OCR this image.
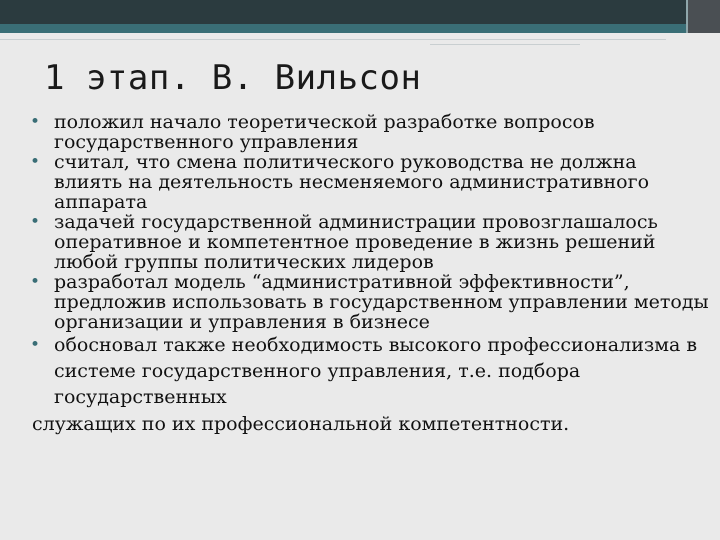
1 этап. В. Вильсон
• положил начало теоретической разработке вопросов государственного управления
• считал, что смена политического руководства не должна влиять на деятельность несменяемого административного аппарата
• задачей государственной администрации провозглашалось оперативное и компетентное проведение в жизнь решений любой группы политических лидеров
• разработал модель “административной эффективности”, предложив использовать в государственном управлении методы организации и управления в бизнесе
• обосновал также необходимость высокого профессионализма в системе государственного управления, т.е. подбора государственных
служащих по их профессиональной компетентности.
